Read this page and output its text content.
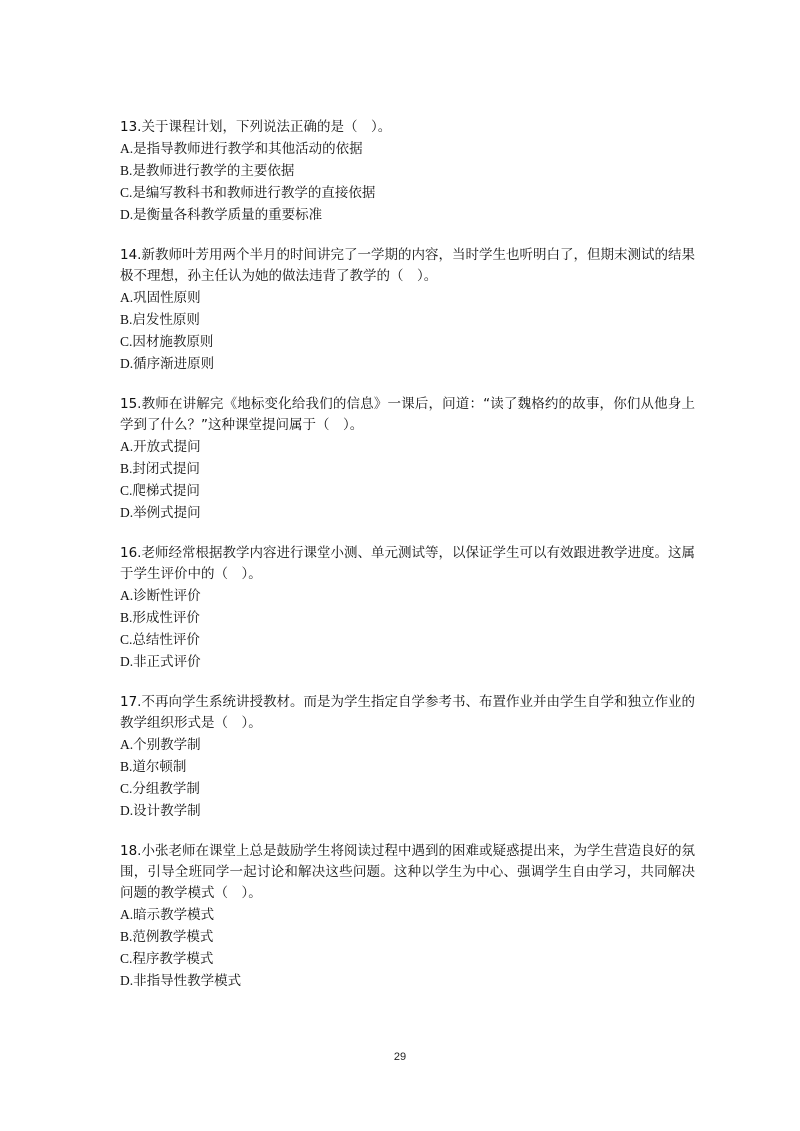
13.关于课程计划，下列说法正确的是（　）。

A.是指导教师进行教学和其他活动的依据
B.是教师进行教学的主要依据
C.是编写教科书和教师进行教学的直接依据
D.是衡量各科教学质量的重要标准

14.新教师叶芳用两个半月的时间讲完了一学期的内容，当时学生也听明白了，但期末测试的结果极不理想，孙主任认为她的做法违背了教学的（　）。

A.巩固性原则
B.启发性原则
C.因材施教原则
D.循序渐进原则

15.教师在讲解完《地标变化给我们的信息》一课后，问道：“读了魏格约的故事，你们从他身上学到了什么？”这种课堂提问属于（　）。

A.开放式提问
B.封闭式提问
C.爬梯式提问
D.举例式提问

16.老师经常根据教学内容进行课堂小测、单元测试等，以保证学生可以有效跟进教学进度。这属于学生评价中的（　）。

A.诊断性评价
B.形成性评价
C.总结性评价
D.非正式评价

17.不再向学生系统讲授教材。而是为学生指定自学参考书、布置作业并由学生自学和独立作业的教学组织形式是（　）。

A.个别教学制
B.道尔顿制
C.分组教学制
D.设计教学制

18.小张老师在课堂上总是鼓励学生将阅读过程中遇到的困难或疑惑提出来，为学生营造良好的氛围，引导全班同学一起讨论和解决这些问题。这种以学生为中心、强调学生自由学习，共同解决问题的教学模式（　）。

A.暗示教学模式
B.范例教学模式
C.程序教学模式
D.非指导性教学模式
29
